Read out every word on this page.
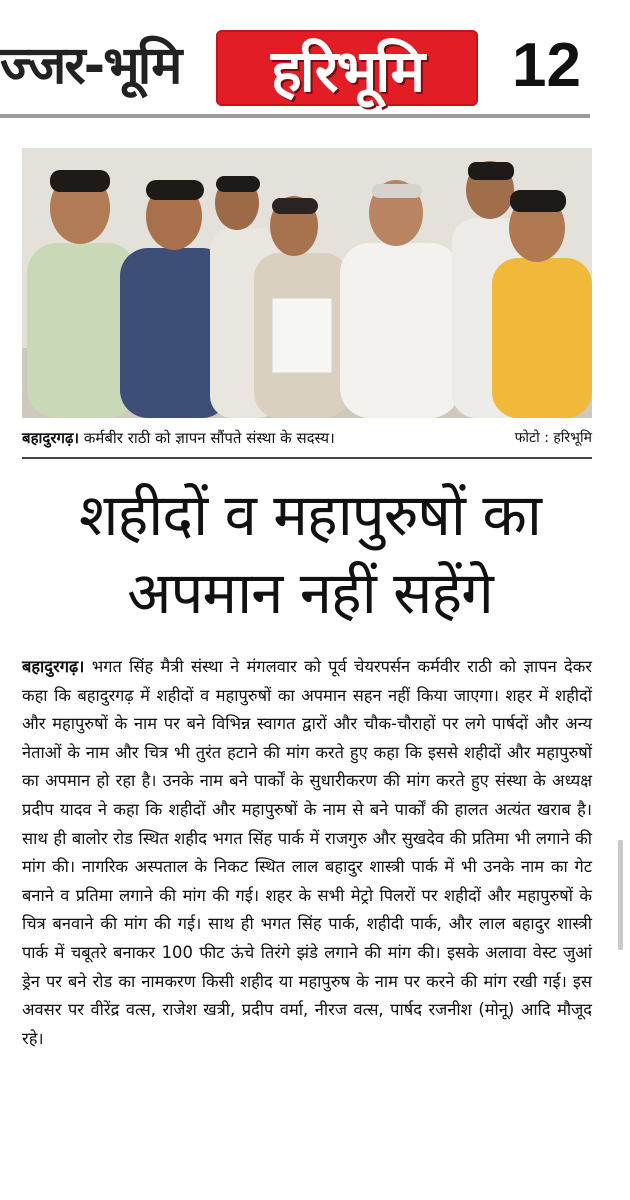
ज्जर-भूमि हरिभूमि 12
बहादुरगढ़। कर्मबीर राठी को ज्ञापन सौंपते संस्था के सदस्य।	फोटो : हरिभूमि
शहीदों व महापुरुषों का
अपमान नहीं सहेंगे

बहादुरगढ़। भगत सिंह मैत्री संस्था ने मंगलवार को पूर्व चेयरपर्सन कर्मवीर राठी को ज्ञापन देकर कहा कि बहादुरगढ़ में शहीदों व महापुरुषों का अपमान सहन नहीं किया जाएगा। शहर में शहीदों और महापुरुषों के नाम पर बने विभिन्न स्वागत द्वारों और चौक-चौराहों पर लगे पार्षदों और अन्य नेताओं के नाम और चित्र भी तुरंत हटाने की मांग करते हुए कहा कि इससे शहीदों और महापुरुषों का अपमान हो रहा है। उनके नाम बने पार्कों के सुधारीकरण की मांग करते हुए संस्था के अध्यक्ष प्रदीप यादव ने कहा कि शहीदों और महापुरुषों के नाम से बने पार्कों की हालत अत्यंत खराब है। साथ ही बालोर रोड स्थित शहीद भगत सिंह पार्क में राजगुरु और सुखदेव की प्रतिमा भी लगाने की मांग की। नागरिक अस्पताल के निकट स्थित लाल बहादुर शास्त्री पार्क में भी उनके नाम का गेट बनाने व प्रतिमा लगाने की मांग की गई। शहर के सभी मेट्रो पिलरों पर शहीदों और महापुरुषों के चित्र बनवाने की मांग की गई। साथ ही भगत सिंह पार्क, शहीदी पार्क, और लाल बहादुर शास्त्री पार्क में चबूतरे बनाकर 100 फीट ऊंचे तिरंगे झंडे लगाने की मांग की। इसके अलावा वेस्ट जुआं ड्रेन पर बने रोड का नामकरण किसी शहीद या महापुरुष के नाम पर करने की मांग रखी गई। इस अवसर पर वीरेंद्र वत्स, राजेश खत्री, प्रदीप वर्मा, नीरज वत्स, पार्षद रजनीश (मोनू) आदि मौजूद रहे।
